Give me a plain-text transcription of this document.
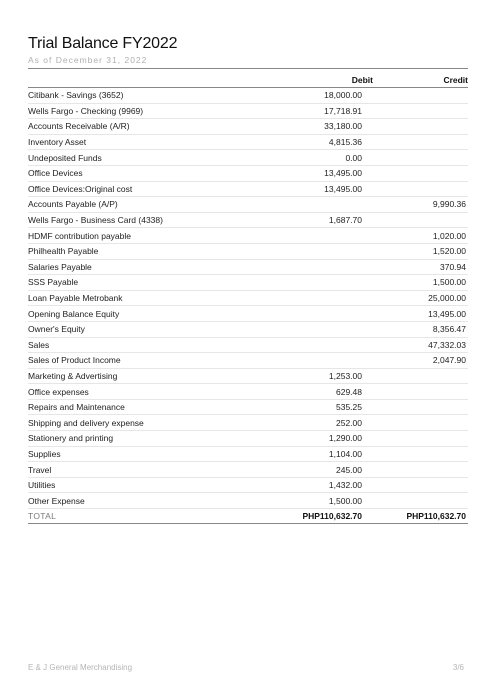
Trial Balance FY2022
As of December 31, 2022
	Debit	Credit
Citibank - Savings (3652)	18,000.00	
Wells Fargo - Checking (9969)	17,718.91	
Accounts Receivable (A/R)	33,180.00	
Inventory Asset	4,815.36	
Undeposited Funds	0.00	
Office Devices	13,495.00	
Office Devices:Original cost	13,495.00	
Accounts Payable (A/P)		9,990.36
Wells Fargo - Business Card (4338)	1,687.70	
HDMF contribution payable		1,020.00
Philhealth Payable		1,520.00
Salaries Payable		370.94
SSS Payable		1,500.00
Loan Payable Metrobank		25,000.00
Opening Balance Equity		13,495.00
Owner's Equity		8,356.47
Sales		47,332.03
Sales of Product Income		2,047.90
Marketing & Advertising	1,253.00	
Office expenses	629.48	
Repairs and Maintenance	535.25	
Shipping and delivery expense	252.00	
Stationery and printing	1,290.00	
Supplies	1,104.00	
Travel	245.00	
Utilities	1,432.00	
Other Expense	1,500.00	
TOTAL	PHP110,632.70	PHP110,632.70
E & J General Merchandising	3/6
